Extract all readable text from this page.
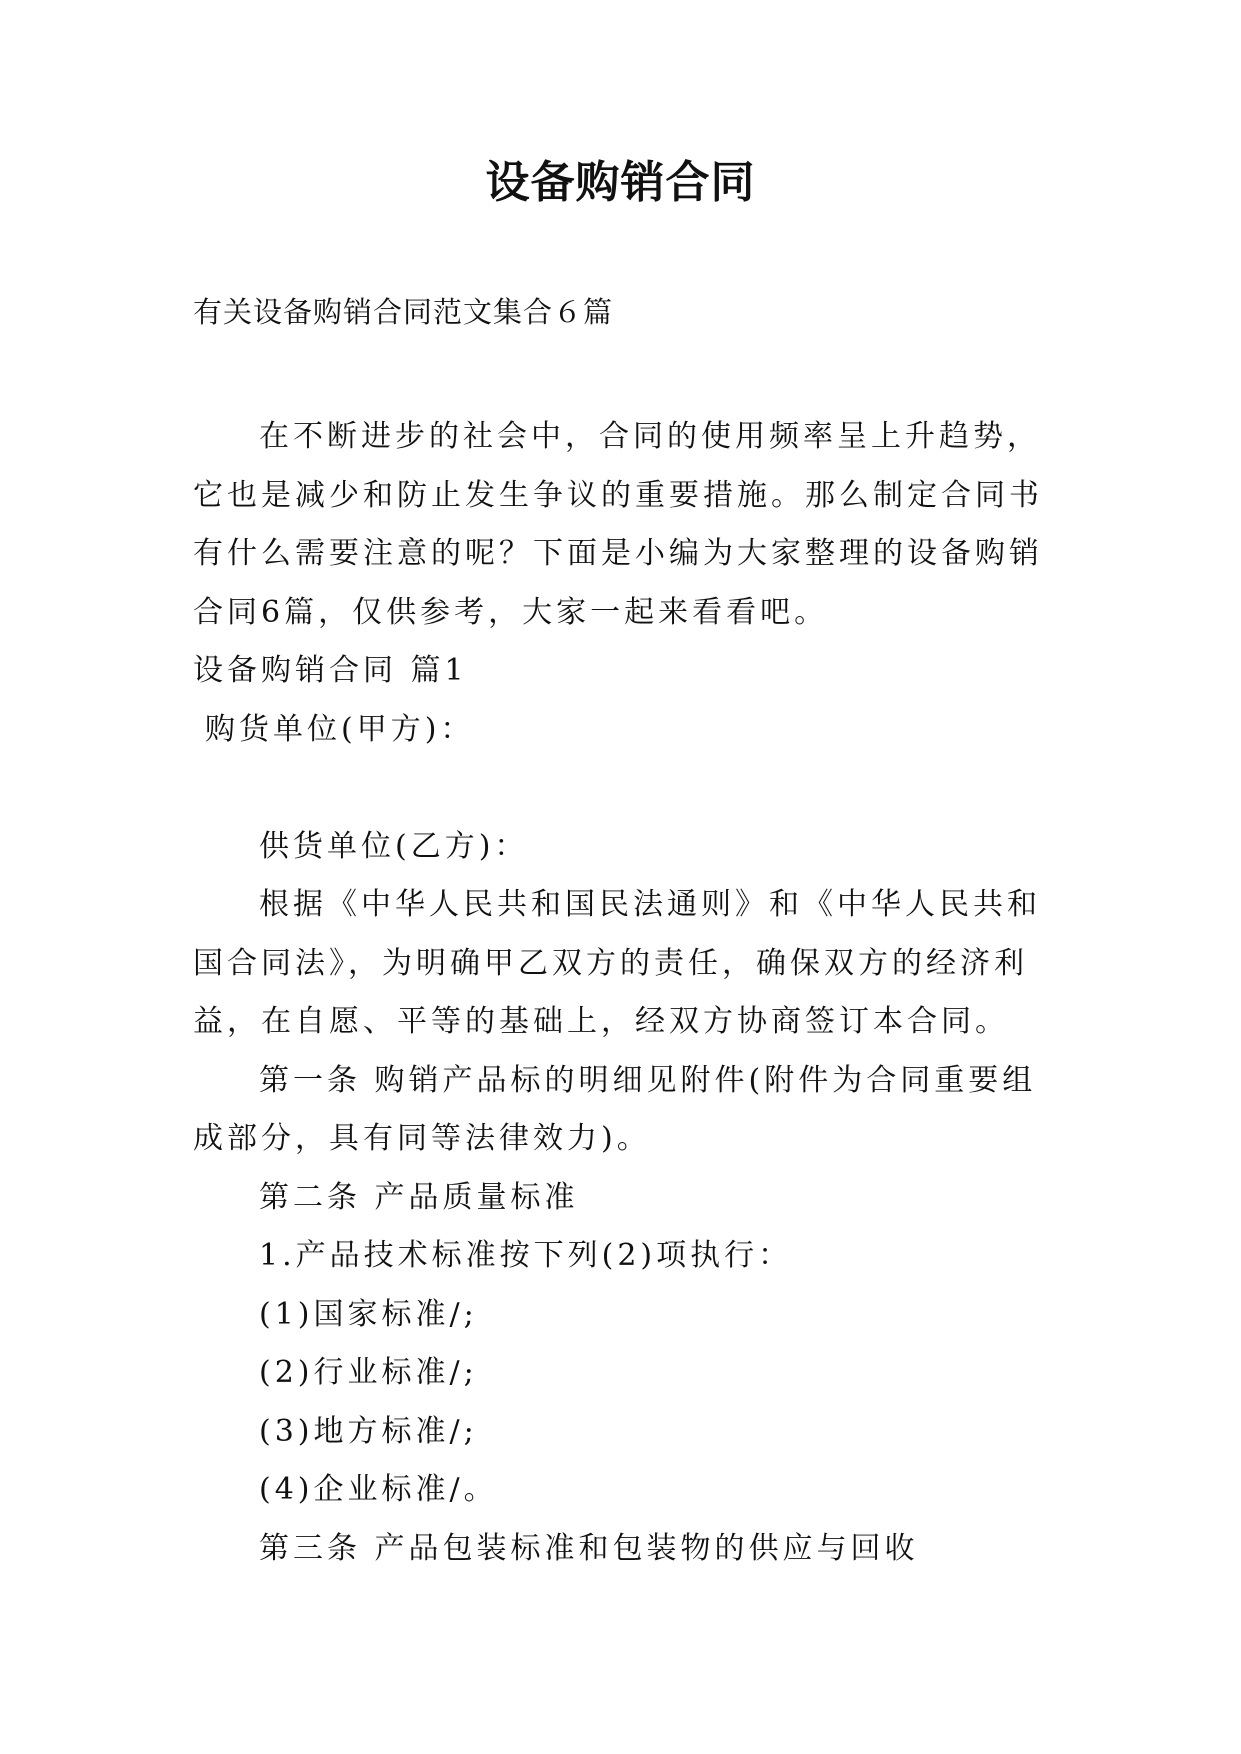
设备购销合同
有关设备购销合同范文集合６篇

在不断进步的社会中，合同的使用频率呈上升趋势，它也是减少和防止发生争议的重要措施。那么制定合同书有什么需要注意的呢？下面是小编为大家整理的设备购销合同6篇，仅供参考，大家一起来看看吧。

设备购销合同 篇1

购货单位(甲方)：

供货单位(乙方)：

根据《中华人民共和国民法通则》和《中华人民共和国合同法》，为明确甲乙双方的责任，确保双方的经济利益，在自愿、平等的基础上，经双方协商签订本合同。

第一条 购销产品标的明细见附件(附件为合同重要组成部分，具有同等法律效力)。

第二条 产品质量标准

1.产品技术标准按下列(2)项执行：

(1)国家标准/;

(2)行业标准/;

(3)地方标准/;

(4)企业标准/。

第三条 产品包装标准和包装物的供应与回收
